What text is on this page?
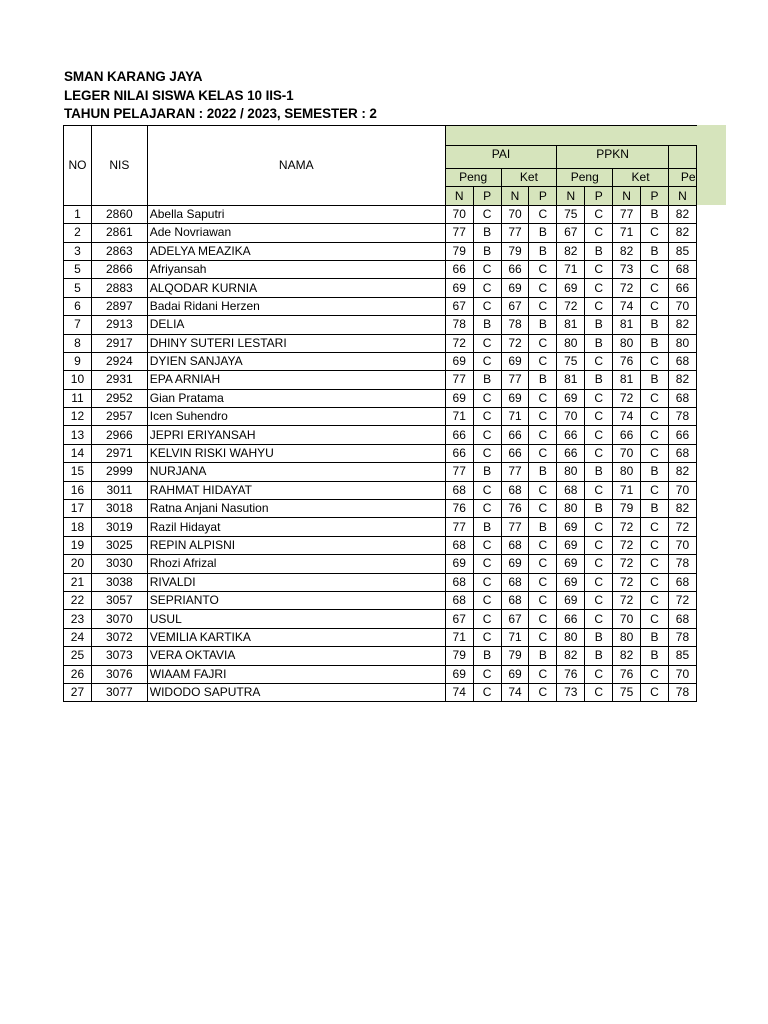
SMAN KARANG JAYA
LEGER NILAI SISWA KELAS 10 IIS-1
TAHUN PELAJARAN : 2022 / 2023, SEMESTER : 2
NO	NIS	NAMA									
			PAI				PPKN				
			Peng		Ket		Peng		Ket		Pe
			N	P	N	P	N	P	N	P	N
1	2860	Abella Saputri	70	C	70	C	75	C	77	B	82
2	2861	Ade Novriawan	77	B	77	B	67	C	71	C	82
3	2863	ADELYA MEAZIKA	79	B	79	B	82	B	82	B	85
5	2866	Afriyansah	66	C	66	C	71	C	73	C	68
5	2883	ALQODAR KURNIA	69	C	69	C	69	C	72	C	66
6	2897	Badai Ridani Herzen	67	C	67	C	72	C	74	C	70
7	2913	DELIA	78	B	78	B	81	B	81	B	82
8	2917	DHINY SUTERI LESTARI	72	C	72	C	80	B	80	B	80
9	2924	DYIEN SANJAYA	69	C	69	C	75	C	76	C	68
10	2931	EPA ARNIAH	77	B	77	B	81	B	81	B	82
11	2952	Gian Pratama	69	C	69	C	69	C	72	C	68
12	2957	Icen Suhendro	71	C	71	C	70	C	74	C	78
13	2966	JEPRI ERIYANSAH	66	C	66	C	66	C	66	C	66
14	2971	KELVIN RISKI WAHYU	66	C	66	C	66	C	70	C	68
15	2999	NURJANA	77	B	77	B	80	B	80	B	82
16	3011	RAHMAT HIDAYAT	68	C	68	C	68	C	71	C	70
17	3018	Ratna Anjani Nasution	76	C	76	C	80	B	79	B	82
18	3019	Razil Hidayat	77	B	77	B	69	C	72	C	72
19	3025	REPIN ALPISNI	68	C	68	C	69	C	72	C	70
20	3030	Rhozi Afrizal	69	C	69	C	69	C	72	C	78
21	3038	RIVALDI	68	C	68	C	69	C	72	C	68
22	3057	SEPRIANTO	68	C	68	C	69	C	72	C	72
23	3070	USUL	67	C	67	C	66	C	70	C	68
24	3072	VEMILIA KARTIKA	71	C	71	C	80	B	80	B	78
25	3073	VERA OKTAVIA	79	B	79	B	82	B	82	B	85
26	3076	WIAAM FAJRI	69	C	69	C	76	C	76	C	70
27	3077	WIDODO SAPUTRA	74	C	74	C	73	C	75	C	78
